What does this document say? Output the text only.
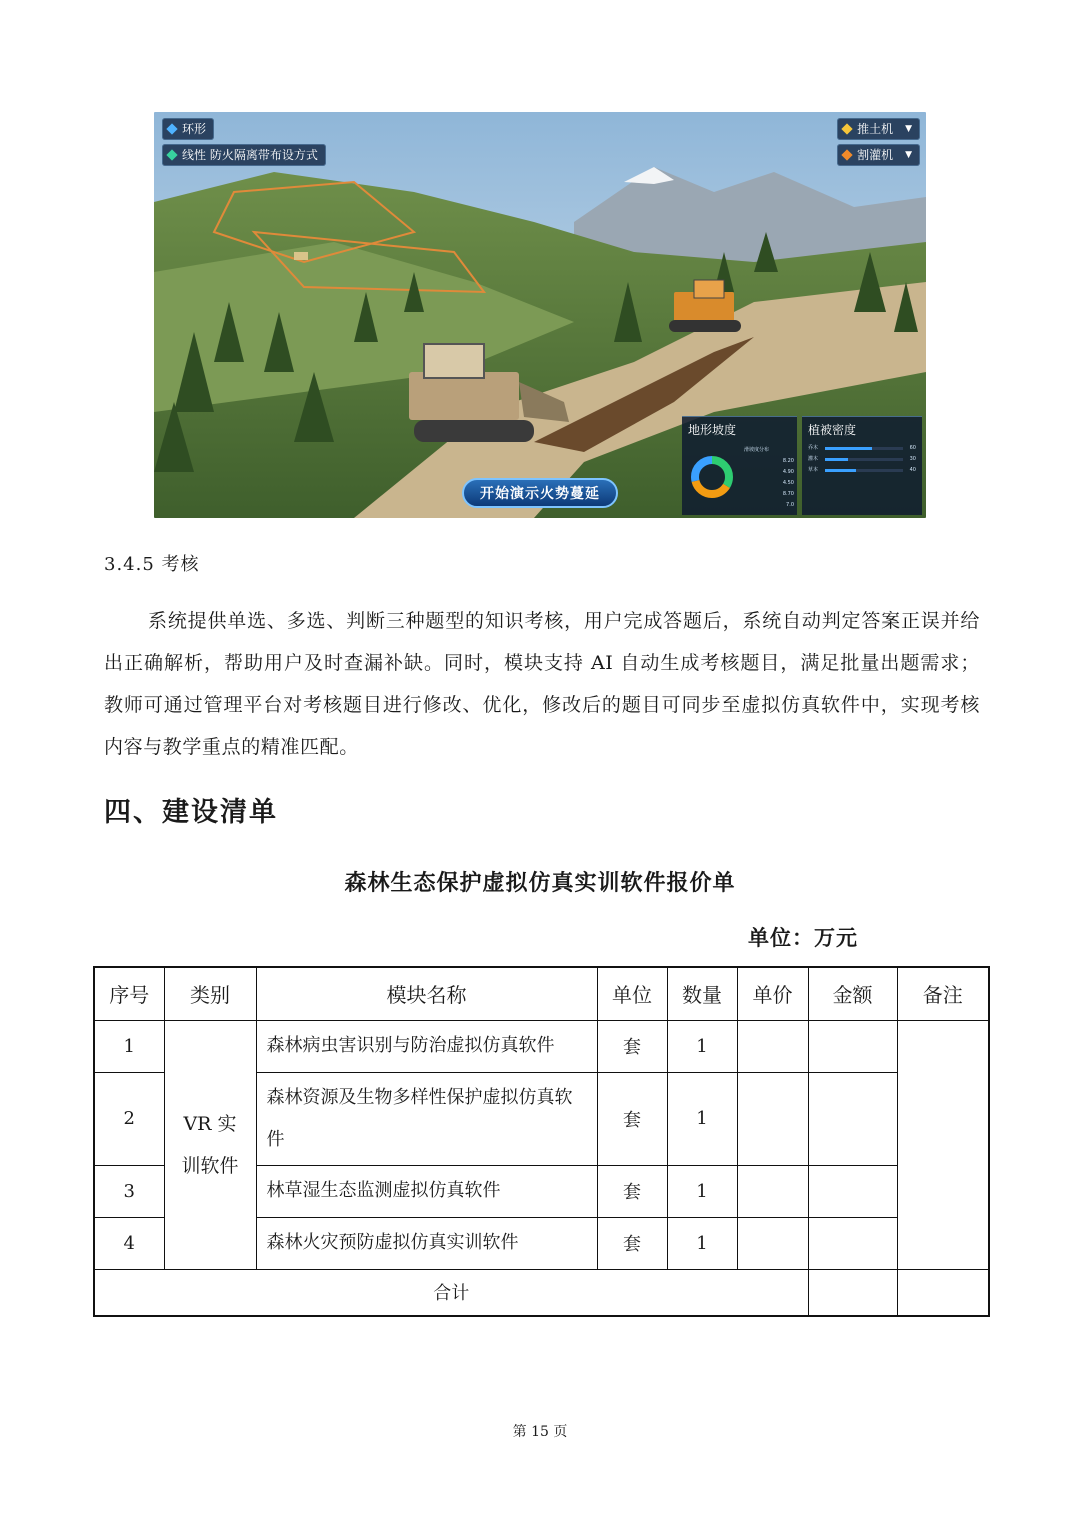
环形
线性 防火隔离带布设方式
推土机 ▼
割灌机 ▼
开始演示火势蔓延
地形坡度
滑坡度分布
8.20
4.90
4.50
8.70
7.0
植被密度
乔木	60
灌木	30
草本	40
3.4.5 考核

系统提供单选、多选、判断三种题型的知识考核，用户完成答题后，系统自动判定答案正误并给出正确解析，帮助用户及时查漏补缺。同时，模块支持 AI 自动生成考核题目，满足批量出题需求；教师可通过管理平台对考核题目进行修改、优化，修改后的题目可同步至虚拟仿真软件中，实现考核内容与教学重点的精准匹配。

四、建设清单
森林生态保护虚拟仿真实训软件报价单
单位：万元
序号	类别	模块名称	单位	数量	单价	金额	备注
1	VR 实训软件	森林病虫害识别与防治虚拟仿真软件	套	1			
2		森林资源及生物多样性保护虚拟仿真软件	套	1			
3		林草湿生态监测虚拟仿真软件	套	1			
4		森林火灾预防虚拟仿真实训软件	套	1			
合计							
第 15 页
